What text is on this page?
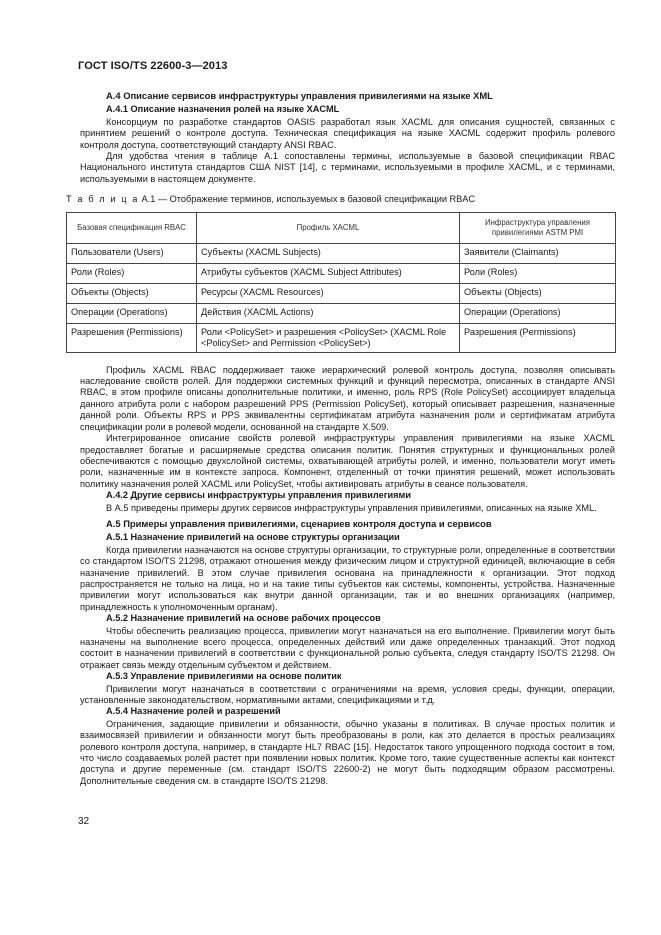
ГОСТ ISO/TS 22600-3—2013
A.4 Описание сервисов инфраструктуры управления привилегиями на языке XML
A.4.1 Описание назначения ролей на языке XACML

Консорциум по разработке стандартов OASIS разработал язык XACML для описания сущностей, связанных с принятием решений о контроле доступа. Техническая спецификация на языке XACML содержит профиль ролевого контроля доступа, соответствующий стандарту ANSI RBAC.

Для удобства чтения в таблице А.1 сопоставлены термины, используемые в базовой спецификации RBAC Национального института стандартов США NIST [14], с терминами, используемыми в профиле XACML, и с терминами, используемыми в настоящем документе.

Т а б л и ц а А.1 — Отображение терминов, используемых в базовой спецификации RBAC
Базовая спецификация RBAC	Профиль XACML	Инфраструктура управления привилегиями ASTM PMI
Пользователи (Users)	Субъекты (XACML Subjects)	Заявители (Claimants)
Роли (Roles)	Атрибуты субъектов (XACML Subject Attributes)	Роли (Roles)
Объекты (Objects)	Ресурсы (XACML Resources)	Объекты (Objects)
Операции (Operations)	Действия (XACML Actions)	Операции (Operations)
Разрешения (Permissions)	Роли <PolicySet> и разрешения <PolicySet> (XACML Role <PolicySet> and Permission <PolicySet>)	Разрешения (Permissions)

Профиль XACML RBAC поддерживает также иерархический ролевой контроль доступа, позволяя описывать наследование свойств ролей. Для поддержки системных функций и функций пересмотра, описанных в стандарте ANSI RBAC, в этом профиле описаны дополнительные политики, и именно, роль RPS (Role PolicySet) ассоциирует владельца данного атрибута роли с набором разрешений PPS (Permission PolicySet), который описывает разрешения, назначенные данной роли. Объекты RPS и PPS эквивалентны сертификатам атрибута назначения роли и сертификатам атрибута спецификации роли в ролевой модели, основанной на стандарте X.509.

Интегрированное описание свойств ролевой инфраструктуры управления привилегиями на языке XACML предоставляет богатые и расширяемые средства описания политик. Понятия структурных и функциональных ролей обеспечиваются с помощью двухслойной системы, охватывающей атрибуты ролей, и именно, пользователи могут иметь роли, назначенные им в контексте запроса. Компонент, отделенный от точки принятия решений, может использовать политику назначения ролей XACML или PolicySet, чтобы активировать атрибуты в сеансе пользователя.

A.4.2 Другие сервисы инфраструктуры управления привилегиями

В А.5 приведены примеры других сервисов инфраструктуры управления привилегиями, описанных на языке XML.

A.5 Примеры управления привилегиями, сценариев контроля доступа и сервисов
A.5.1 Назначение привилегий на основе структуры организации

Когда привилегии назначаются на основе структуры организации, то структурные роли, определенные в соответствии со стандартом ISO/TS 21298, отражают отношения между физическим лицом и структурной единицей, включающие в себя назначение привилегий. В этом случае привилегия основана на принадлежности к организации. Этот подход распространяется не только на лица, но и на такие типы субъектов как системы, компоненты, устройства. Назначенные привилегии могут использоваться как внутри данной организации, так и во внешних организациях (например, принадлежность к уполномоченным органам).

A.5.2 Назначение привилегий на основе рабочих процессов

Чтобы обеспечить реализацию процесса, привилегии могут назначаться на его выполнение. Привилегии могут быть назначены на выполнение всего процесса, определенных действий или даже определенных транзакций. Этот подход состоит в назначении привилегий в соответствии с функциональной ролью субъекта, следуя стандарту ISO/TS 21298. Он отражает связь между отдельным субъектом и действием.

A.5.3 Управление привилегиями на основе политик

Привилегии могут назначаться в соответствии с ограничениями на время, условия среды, функции, операции, установленные законодательством, нормативными актами, спецификациями и т.д.

A.5.4 Назначение ролей и разрешений

Ограничения, задающие привилегии и обязанности, обычно указаны в политиках. В случае простых политик и взаимосвязей привилегии и обязанности могут быть преобразованы в роли, как это делается в простых реализациях ролевого контроля доступа, например, в стандарте HL7 RBAC [15]. Недостаток такого упрощенного подхода состоит в том, что число создаваемых ролей растет при появлении новых политик. Кроме того, такие существенные аспекты как контекст доступа и другие переменные (см. стандарт ISO/TS 22600-2) не могут быть подходящим образом рассмотрены. Дополнительные сведения см. в стандарте ISO/TS 21298.

32
